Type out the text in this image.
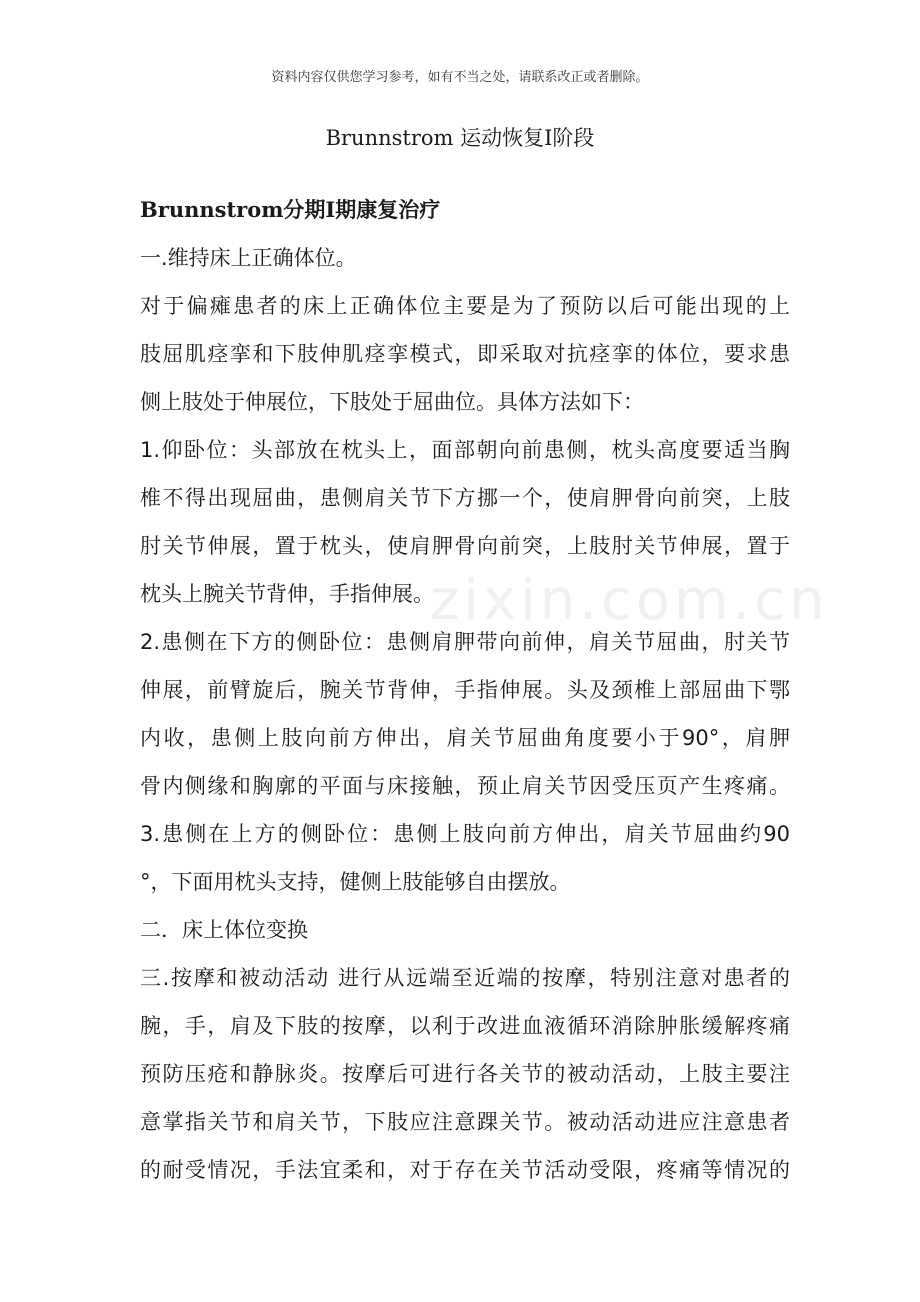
资料内容仅供您学习参考，如有不当之处，请联系改正或者删除。
Brunnstrom 运动恢复Ⅰ阶段
zixin.com.cn
Brunnstrom分期Ⅰ期康复治疗
一.维持床上正确体位。
对于偏瘫患者的床上正确体位主要是为了预防以后可能出现的上
肢屈肌痉挛和下肢伸肌痉挛模式，即采取对抗痉挛的体位，要求患
侧上肢处于伸展位，下肢处于屈曲位。具体方法如下：
1.仰卧位：头部放在枕头上，面部朝向前患侧，枕头高度要适当胸
椎不得出现屈曲，患侧肩关节下方挪一个，使肩胛骨向前突，上肢
肘关节伸展，置于枕头，使肩胛骨向前突，上肢肘关节伸展，置于
枕头上腕关节背伸，手指伸展。
2.患侧在下方的侧卧位：患侧肩胛带向前伸，肩关节屈曲，肘关节
伸展，前臂旋后，腕关节背伸，手指伸展。头及颈椎上部屈曲下鄂
内收，患侧上肢向前方伸出，肩关节屈曲角度要小于90°，肩胛
骨内侧缘和胸廓的平面与床接触，预止肩关节因受压页产生疼痛。
3.患侧在上方的侧卧位：患侧上肢向前方伸出，肩关节屈曲约90
°，下面用枕头支持，健侧上肢能够自由摆放。
二．床上体位变换
三.按摩和被动活动 进行从远端至近端的按摩，特别注意对患者的
腕，手，肩及下肢的按摩，以利于改进血液循环消除肿胀缓解疼痛
预防压疮和静脉炎。按摩后可进行各关节的被动活动，上肢主要注
意掌指关节和肩关节，下肢应注意踝关节。被动活动进应注意患者
的耐受情况，手法宜柔和，对于存在关节活动受限，疼痛等情况的
